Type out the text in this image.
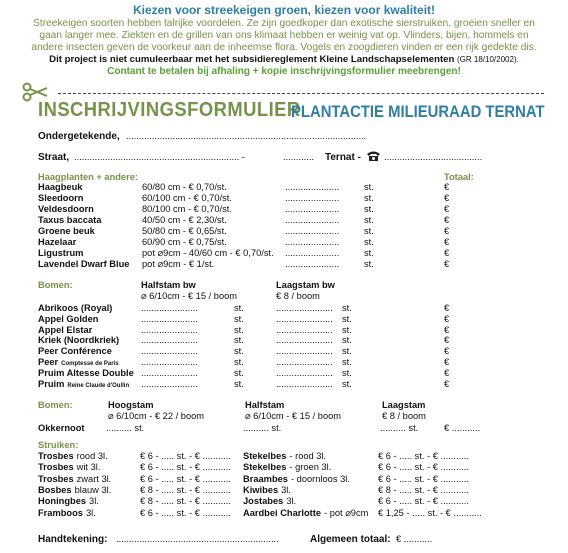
Kiezen voor streekeigen groen, kiezen voor kwaliteit!
Streekeigen soorten hebben talrijke voordelen. Ze zijn goedkoper dan exotische sierstruiken, groeien sneller en
gaan langer mee. Ziekten en de grillen van ons klimaat hebben er weinig vat op. Vlinders, bijen, hommels en
andere insecten geven de voorkeur aan de inheemse flora. Vogels en zoogdieren vinden er een rijk gedekte dis.
Dit project is niet cumuleerbaar met het subsidiereglement Kleine Landschapselementen (GR 18/10/2002).
Contant te betalen bij afhaling + kopie inschrijvingsformulier meebrengen!
INSCHRIJVINGSFORMULIER
PLANTACTIE MILIEURAAD TERNAT
Ondergetekende, .............................................................................................
Straat, ................................................................ -	............ Ternat - ......................................
Haagplanten + andere:	Totaal:
Haagbeuk	60/80 cm - € 0,70/st.	.....................	st.	€
Sleedoorn	60/100 cm - € 0,70/st.	.....................	st.	€
Veldesdoorn	80/100 cm - € 0,70/st.	.....................	st.	€
Taxus baccata	40/50 cm - € 2,30/st.	.....................	st.	€
Groene beuk	50/80 cm - € 0,65/st.	.....................	st.	€
Hazelaar	60/90 cm - € 0,75/st.	.....................	st.	€
Ligustrum	pot ⌀9cm - 40/60 cm - € 0,70/st. .....................	st.	€
Lavendel Dwarf Blue pot ⌀9cm - € 1/st.	.....................	st.	€
Bomen:	Halfstam bw
⌀ 6/10cm - € 15 / boom
Laagstam bw
€ 8 / boom
Abrikoos (Royal)	......................	st.	...................... st.	€
Appel Golden	......................	st.	...................... st.	€
Appel Elstar	......................	st.	...................... st.	€
Kriek (Noordkriek) ......................	st.	...................... st.	€
Peer Conférence	......................	st.	...................... st.	€
Peer Comptesse de Paris ......................	st.	...................... st.	€
Pruim Altesse Double ......................	st.	...................... st.	€
Pruim Reine Claude d'Oullin ......................	st.	...................... st.	€
Bomen:	Hoogstam
⌀ 6/10cm - € 22 / boom
Halfstam
⌀ 6/10cm - € 15 / boom
Laagstam
€ 8 / boom
Okkernoot .......... st.	.......... st.	.......... st.	€ ...........
Struiken:
Trosbes rood 3l.	€ 6 - ..... st. - € ...........
Trosbes wit 3l.	€ 6 - ..... st. - € ...........
Trosbes zwart 3l.	€ 6 - ..... st. - € ...........
Bosbes blauw 3l.	€ 8 - ..... st. - € ...........
Honingbes 3l.	€ 8 - ..... st. - € ...........
Framboos 3l.	€ 6 - ..... st. - € ...........
Stekelbes - rood 3l.	€ 6 - ..... st. - € ...........
Stekelbes - groen 3l.	€ 6 - ..... st. - € ...........
Braambes - doornloos 3l.	€ 6 - ..... st. - € ...........
Kiwibes 3l.	€ 8 - ..... st. - € ...........
Jostabes 3l.	€ 6 - ..... st. - € ...........
Aardbei Charlotte - pot ⌀9cm € 1,25 - ..... st. - € ...........
Handtekening: ...............................................................	Algemeen totaal: € ...........
